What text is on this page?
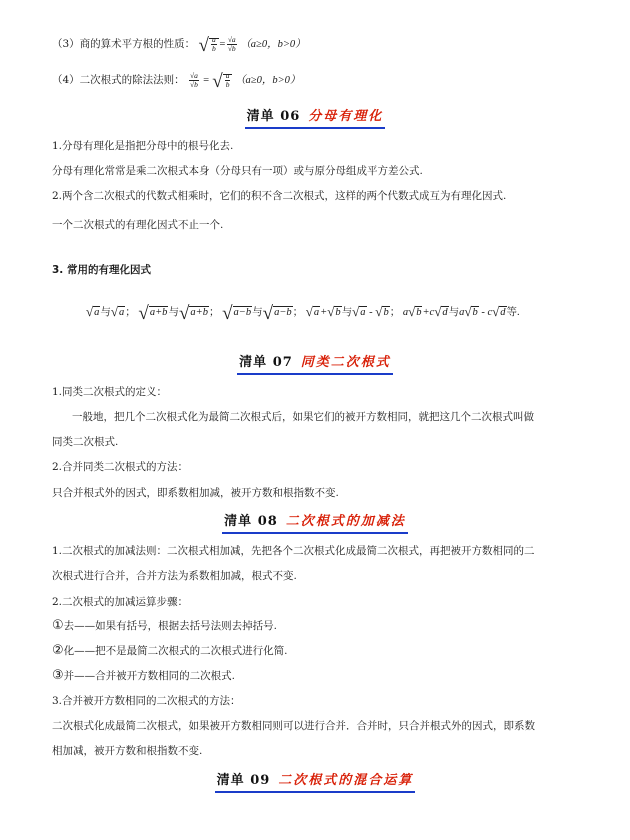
（3）商的算术平方根的性质： √ $\frac{a}{b} = \frac{√a}{√b} (a\ge 0$，b>0）
（4）二次根式的除法法则： $\frac{√a}{√b}$ = √ $\frac{a}{b} (a\ge 0$，b>0）
清单 06 分母有理化
1.分母有理化是指把分母中的根号化去.
分母有理化常常是乘二次根式本身（分母只有一项）或与原分母组成平方差公式.
2.两个含二次根式的代数式相乘时，它们的积不含二次根式，这样的两个代数式成互为有理化因式.
一个二次根式的有理化因式不止一个.
3. 常用的有理化因式
√a与√a； √a+b与√a+b； √a−b与√a−b； √a+√b与√a - √b； a√b+c√d与a√b - c√d等.
清单 07 同类二次根式
1.同类二次根式的定义：
一般地，把几个二次根式化为最简二次根式后，如果它们的被开方数相同，就把这几个二次根式叫做
同类二次根式.
2.合并同类二次根式的方法：
只合并根式外的因式，即系数相加减，被开方数和根指数不变.
清单 08 二次根式的加减法
1.二次根式的加减法则：二次根式相加减，先把各个二次根式化成最简二次根式，再把被开方数相同的二
次根式进行合并，合并方法为系数相加减，根式不变.
2.二次根式的加减运算步骤：
①去——如果有括号，根据去括号法则去掉括号.
②化——把不是最简二次根式的二次根式进行化简.
③并——合并被开方数相同的二次根式.
3.合并被开方数相同的二次根式的方法：
二次根式化成最简二次根式，如果被开方数相同则可以进行合并．合并时，只合并根式外的因式，即系数
相加减，被开方数和根指数不变.
清单 09 二次根式的混合运算
